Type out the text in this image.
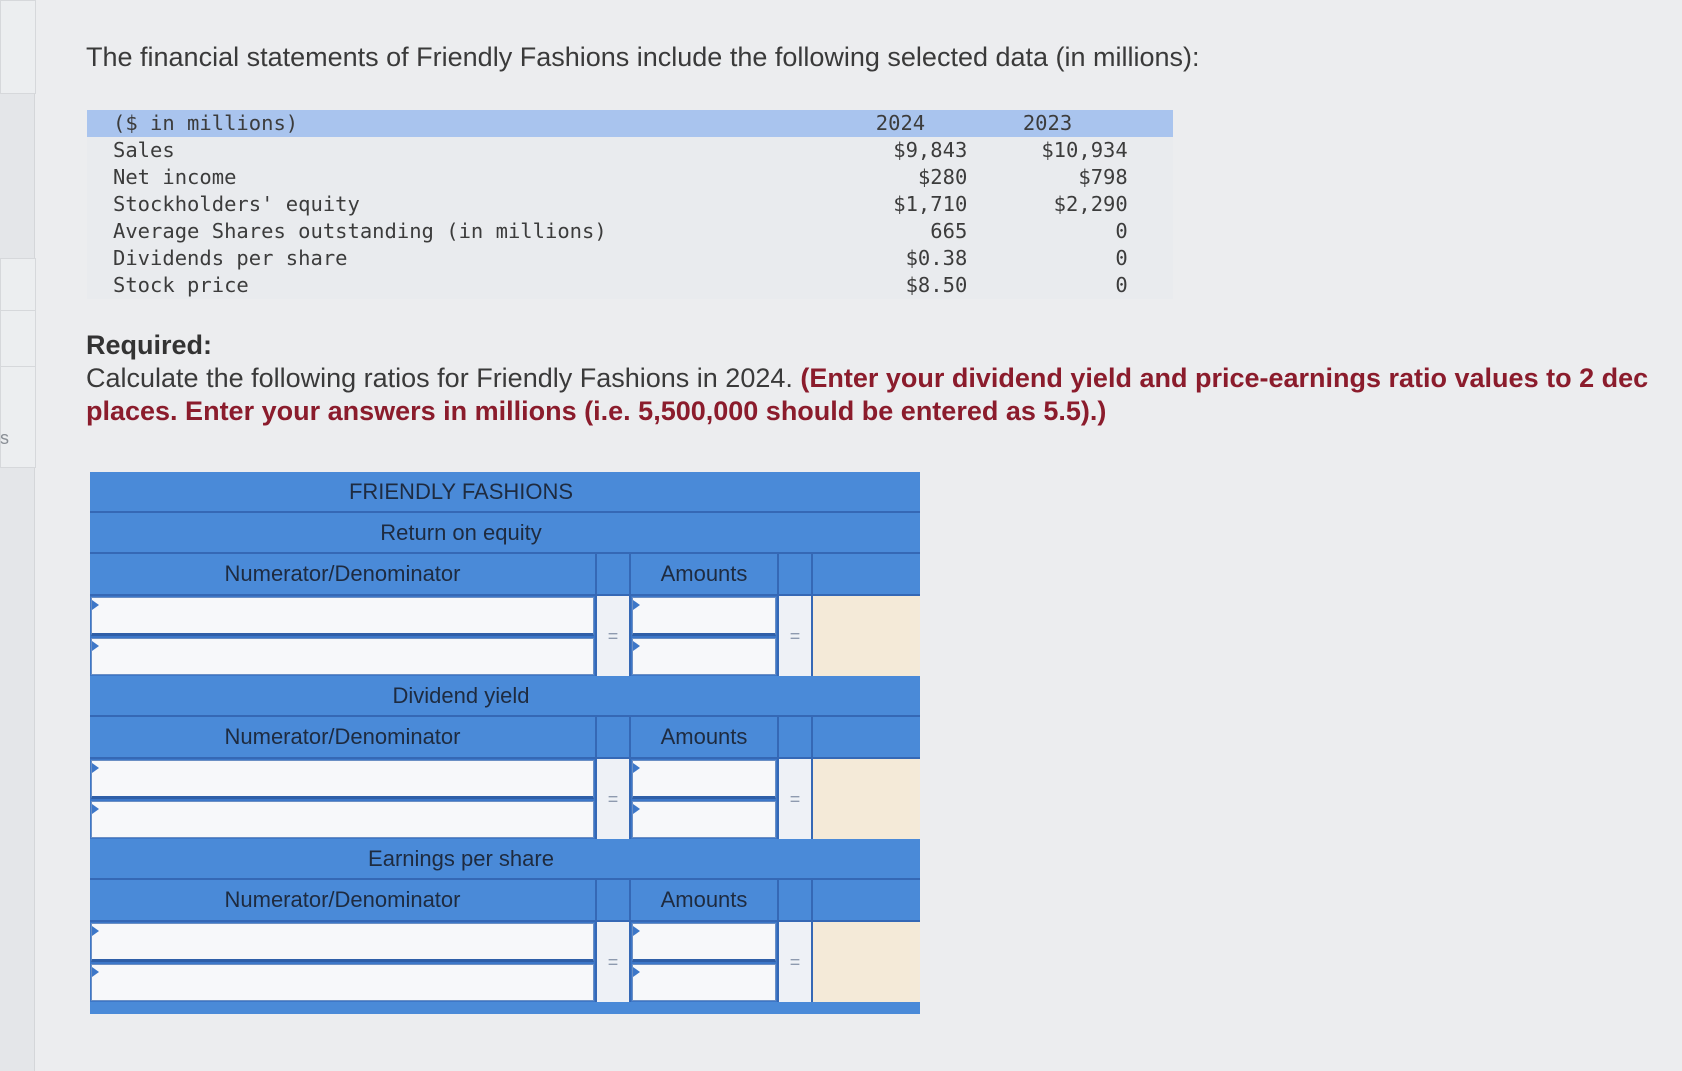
s

The financial statements of Friendly Fashions include the following selected data (in millions):

($ in millions)	2024	2023	
Sales	$9,843	$10,934	
Net income	$280	$798	
Stockholders' equity	$1,710	$2,290	
Average Shares outstanding (in millions)	665	0	
Dividends per share	$0.38	0	
Stock price	$8.50	0	
Required:

Calculate the following ratios for Friendly Fashions in 2024. (Enter your dividend yield and price-earnings ratio values to 2 dec places. Enter your answers in millions (i.e. 5,500,000 should be entered as 5.5).)

FRIENDLY FASHIONS
Return on equity
Numerator/Denominator	Amounts
=	=
Dividend yield
Numerator/Denominator	Amounts
=	=
Earnings per share
Numerator/Denominator	Amounts
=	=
